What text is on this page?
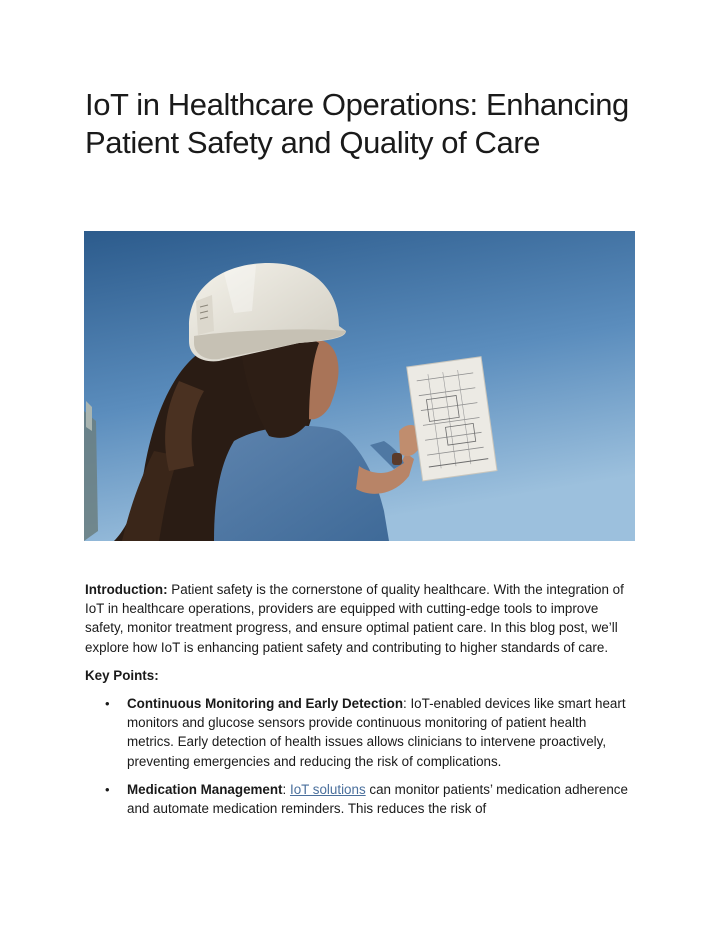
IoT in Healthcare Operations: Enhancing Patient Safety and Quality of Care

Introduction: Patient safety is the cornerstone of quality healthcare. With the integration of IoT in healthcare operations, providers are equipped with cutting-edge tools to improve safety, monitor treatment progress, and ensure optimal patient care. In this blog post, we’ll explore how IoT is enhancing patient safety and contributing to higher standards of care.

Key Points:

• Continuous Monitoring and Early Detection: IoT-enabled devices like smart heart monitors and glucose sensors provide continuous monitoring of patient health metrics. Early detection of health issues allows clinicians to intervene proactively, preventing emergencies and reducing the risk of complications.
• Medication Management: IoT solutions can monitor patients’ medication adherence and automate medication reminders. This reduces the risk of
